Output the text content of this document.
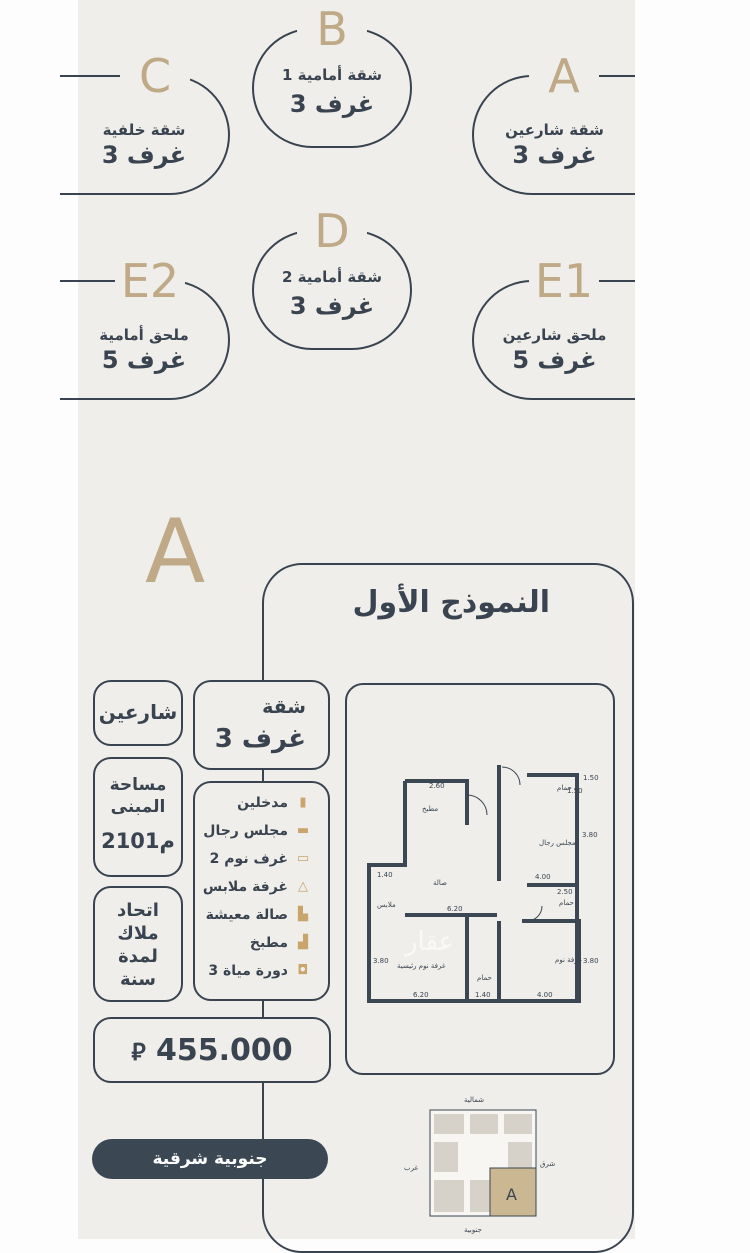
B
شقة أمامية 1
3 غرف
C
شقة خلفية
3 غرف
A
شقة شارعين
3 غرف
D
شقة أمامية 2
3 غرف
E2
ملحق أمامية
5 غرف
E1
ملحق شارعين
5 غرف
A	النموذج الأول
شارعين	شقة
3 غرف
مساحة
المبنى
2م101
مدخلين ▮
مجلس رجال ▬
2 غرف نوم ▭
غرفة ملابس △
صالة معيشة ▙
مطبخ ▟
3 دورة مياة ◘
اتحاد
ملاك
لمدة
سنة
⃁ 455.000
جنوبية شرقية
حمام
مطبخ
مجلس رجال
صالة
ملابس	حمام
غرفة نوم رئيسية
غرفة نوم
حمام
2.60
1.50
1.50
3.80
4.00
2.50
6.20
1.40
3.80
4.00
6.20	1.40
3.80
عقار
A
شمالية
جنوبية
شرق
غرب
